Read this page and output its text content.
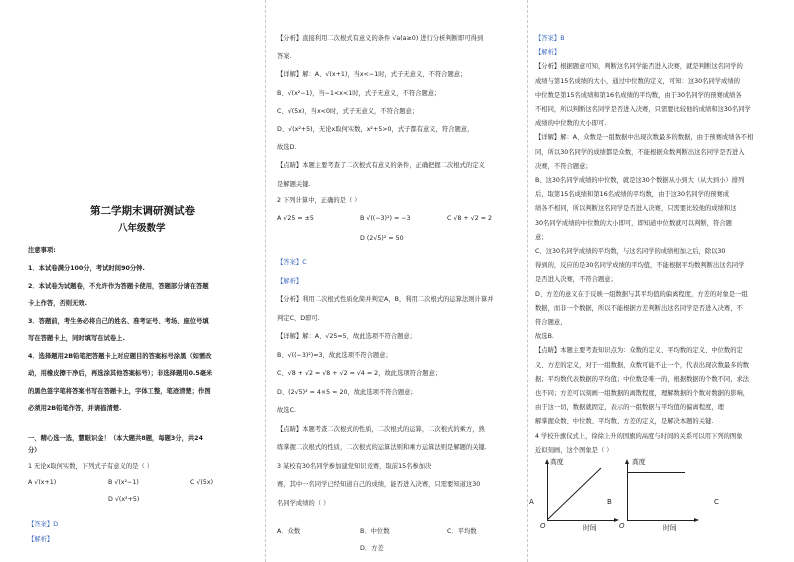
第二学期末调研测试卷
八年级数学
注意事项:
1．本试卷满分100分，考试时间90分钟.
2．本试卷为试题卷，不允许作为答题卡使用，答题部分请在答题
卡上作答，否则无效.
3．答题前，考生务必将自己的姓名、准考证号、考场、座位号填
写在答题卡上，同时填写在试卷上.
4．选择题用2B铅笔把答题卡上对应题目的答案标号涂黑（如需改
动，用橡皮擦干净后，再选涂其他答案标号）；非选择题用0.5毫米
的黑色签字笔将答案书写在答题卡上，字体工整，笔迹清楚；作图
必须用2B铅笔作答，并请描清楚.
一、精心选一选，慧眼识金！（本大题共8题，每题3分，共24
分）
1 无论x取何实数，下列式子有意义的是（ ）
A √(x+1)	B √(x²−1)	C √(5x)
D √(x²+5)
【答案】D
【解析】
【分析】直接利用二次根式有意义的条件 √a(a≥0) 进行分析判断即可得到
答案.
【详解】解：A、√(x+1)，当x<−1时，式子无意义，不符合题意；
B、√(x²−1)，当−1<x<1时，式子无意义，不符合题意；
C、√(5x)，当x<0时，式子无意义，不符合题意；
D、√(x²+5)，无论x取何实数，x²+5>0，式子都有意义，符合题意，
故选D.
【点睛】本题主要考查了二次根式有意义的条件，正确把握二次根式的定义
是解题关键.
2 下列计算中，正确的是（ ）
A √25 = ±5	B √((−3)²) = −3	C √8 + √2 = 2
D (2√5)² = 50
【答案】C
【解析】
【分析】利用二次根式性质化简并判定A，B，利用二次根式的运算法则计算并
判定C，D即可.
【详解】解：A、√25=5，故此选项不符合题意；
B、√((−3)²)=3，故此选项不符合题意；
C、√8 + √2 = √8 + √2 = √4 = 2，故此选项符合题意；
D、(2√5)² = 4×5 = 20，故此选项不符合题意；
故选C.
【点睛】本题考查二次根式的性质，二次根式的运算，二次根式的乘方，熟
练掌握二次根式的性质，二次根式的运算法则和乘方运算法则是解题的关键.
3 某校有30名同学参加建党知识竞赛，取前15名参加决
赛，其中一名同学已经知道自己的成绩，能否进入决赛，只需要知道这30
名同学成绩的（ ）
A．众数	B．中位数	C．平均数
D．方差
【答案】B
【解析】
【分析】根据题意可知，判断这名同学能否进入决赛，就是判断这名同学的
成绩与第15名成绩的大小，通过中位数的定义，可知：这30名同学成绩的
中位数是第15名成绩和第16名成绩的平均数，由于30名同学的预赛成绩各
不相同，所以判断这名同学是否进入决赛，只需要比较他的成绩和这30名同学
成绩的中位数的大小即可.
【详解】解：A、众数是一组数据中出现次数最多的数据，由于预赛成绩各不相
同，所以30名同学的成绩都是众数，不能根据众数判断出这名同学是否进入
决赛，不符合题意；
B、这30名同学成绩的中位数，就是这30个数据从小到大（从大到小）排列
后，取第15名成绩和第16名成绩的平均数，由于这30名同学的预赛成
绩各不相同，所以判断这名同学是否进入决赛，只需要比较他的成绩和这
30名同学成绩的中位数的大小即可，即知道中位数就可以判断，符合题
意；
C、这30名同学成绩的平均数，与这名同学的成绩相加之后，除以30
得到的，反应的是30名同学成绩的平均值，不能根据平均数判断出这名同学
是否进入决赛，不符合题意；
D、方差的意义在于反映一组数据与其平均值的偏离程度，方差的对象是一组
数据，而非一个数据，所以不能根据方差判断出这名同学是否进入决赛，不
符合题意，
故选B.
【点睛】本题主要考查知识点为：众数的定义、平均数的定义、中位数的定
义、方差的定义，对于一组数据，众数可能不止一个，代表出现次数最多的数
据；平均数代表数据的平均值；中位数是唯一的，根据数据的个数不同，求法
也不同；方差可以刻画一组数据的离散程度，理解数据的个数对数据的影响，
由于这一切，数据就固定，表示的一组数据与平均值的偏离程度，理
解掌握众数、中位数、平均数、方差的定义，是解决本题的关键.
4 学校升旗仪式上，徐徐上升的国旗的高度与时间的关系可以用下列的图象
近似刻画，这个图象是（ ）
A
高度
O	时间
B
高度
O	时间
C
